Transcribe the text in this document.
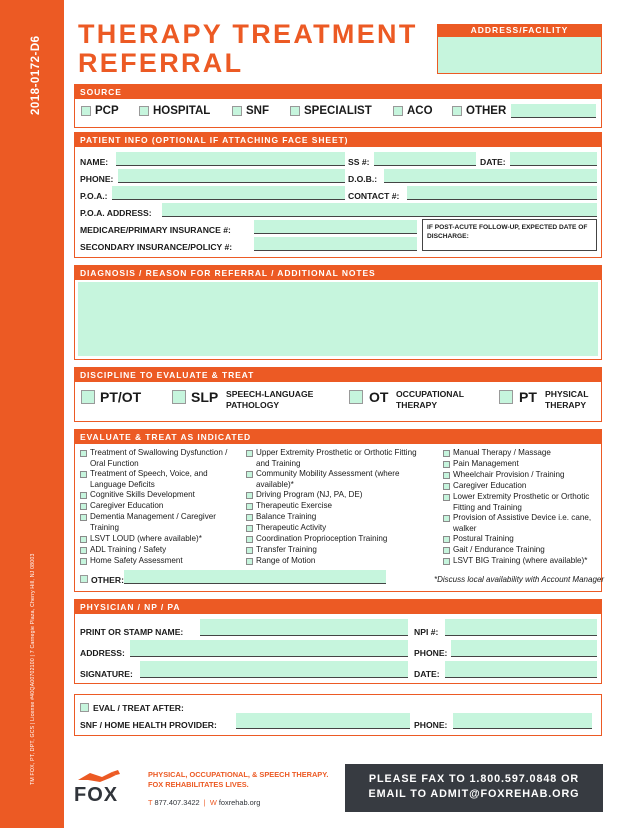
2018-0172-D6
TM FOX, PT, DPT, GCS | License #40QA00702100 | 7 Carnegie Plaza, Cherry Hill, NJ 08003
THERAPY TREATMENT
REFERRAL
ADDRESS/FACILITY
SOURCE
PCP	HOSPITAL	SNF	SPECIALIST	ACO	OTHER
PATIENT INFO (OPTIONAL IF ATTACHING FACE SHEET)
NAME:	SS #:	DATE:
PHONE:	D.O.B.:
P.O.A.:	CONTACT #:
P.O.A. ADDRESS:
MEDICARE/PRIMARY INSURANCE #:
SECONDARY INSURANCE/POLICY #:
IF POST-ACUTE FOLLOW-UP, EXPECTED DATE OF DISCHARGE:
DIAGNOSIS / REASON FOR REFERRAL / ADDITIONAL NOTES
DISCIPLINE TO EVALUATE & TREAT
PT/OT	SLP SPEECH-LANGUAGE PATHOLOGY	OT OCCUPATIONAL THERAPY	PT PHYSICAL THERAPY
EVALUATE & TREAT AS INDICATED
Treatment of Swallowing Dysfunction / Oral Function
Treatment of Speech, Voice, and Language Deficits
Cognitive Skills Development
Caregiver Education
Dementia Management / Caregiver Training
LSVT LOUD (where available)*
ADL Training / Safety
Home Safety Assessment
Upper Extremity Prosthetic or Orthotic Fitting and Training
Community Mobility Assessment (where available)*
Driving Program (NJ, PA, DE)
Therapeutic Exercise
Balance Training
Therapeutic Activity
Coordination Proprioception Training
Transfer Training
Range of Motion
Manual Therapy / Massage
Pain Management
Wheelchair Provision / Training
Caregiver Education
Lower Extremity Prosthetic or Orthotic Fitting and Training
Provision of Assistive Device i.e. cane, walker
Postural Training
Gait / Endurance Training
LSVT BIG Training (where available)*
OTHER:	*Discuss local availability with Account Manager
PHYSICIAN / NP / PA
PRINT OR STAMP NAME:	NPI #:
ADDRESS:	PHONE:
SIGNATURE:	DATE:
EVAL / TREAT AFTER:
SNF / HOME HEALTH PROVIDER:	PHONE:
FOX
PHYSICAL, OCCUPATIONAL, & SPEECH THERAPY.
FOX REHABILITATES LIVES.
T 877.407.3422  |  W foxrehab.org
PLEASE FAX TO 1.800.597.0848 OR
EMAIL TO ADMIT@FOXREHAB.ORG
